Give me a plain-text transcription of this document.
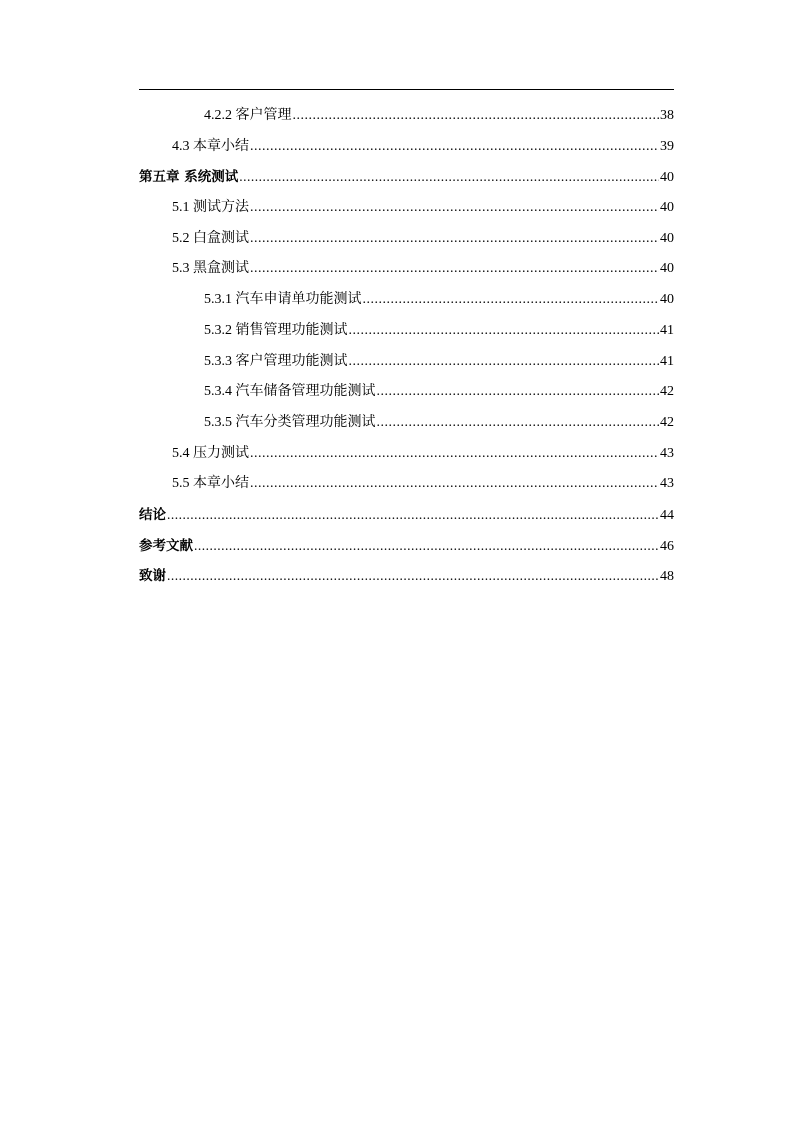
4.2.2 客户管理 .....	38
4.3 本章小结 .....	39
第五章 系统测试 .....	40
5.1 测试方法 .....	40
5.2 白盒测试 .....	40
5.3 黑盒测试 .....	40
5.3.1 汽车申请单功能测试 .....	40
5.3.2 销售管理功能测试 .....	41
5.3.3 客户管理功能测试 .....	41
5.3.4 汽车储备管理功能测试 .....	42
5.3.5 汽车分类管理功能测试 .....	42
5.4 压力测试 .....	43
5.5 本章小结 .....	43
结论 .....	44
参考文献 .....	46
致谢 .....	48
